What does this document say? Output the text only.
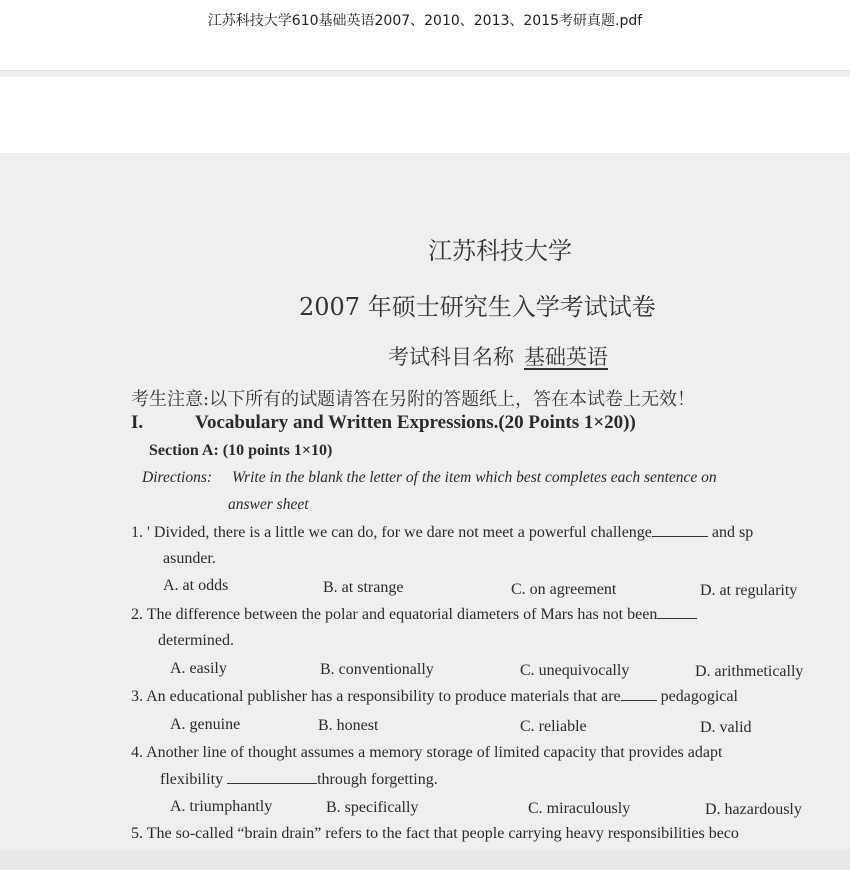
江苏科技大学610基础英语2007、2010、2013、2015考研真题.pdf
江苏科技大学
2007 年硕士研究生入学考试试卷
考试科目名称 基础英语
考生注意:以下所有的试题请答在另附的答题纸上，答在本试卷上无效！
I.	Vocabulary and Written Expressions.(20 Points 1×20))
Section A: (10 points 1×10)
Directions: Write in the blank the letter of the item which best completes each sentence on
answer sheet
1. ' Divided, there is a little we can do, for we dare not meet a powerful challenge	and sp
asunder.
A. at odds	B. at strange	C. on agreement	D. at regularity
2. The difference between the polar and equatorial diameters of Mars has not been
determined.
A. easily	B. conventionally	C. unequivocally	D. arithmetically
3. An educational publisher has a responsibility to produce materials that are	pedagogical
A. genuine	B. honest	C. reliable	D. valid
4. Another line of thought assumes a memory storage of limited capacity that provides adapt
flexibility	through forgetting.
A. triumphantly	B. specifically	C. miraculously	D. hazardously
5. The so-called “brain drain” refers to the fact that people carrying heavy responsibilities beco
